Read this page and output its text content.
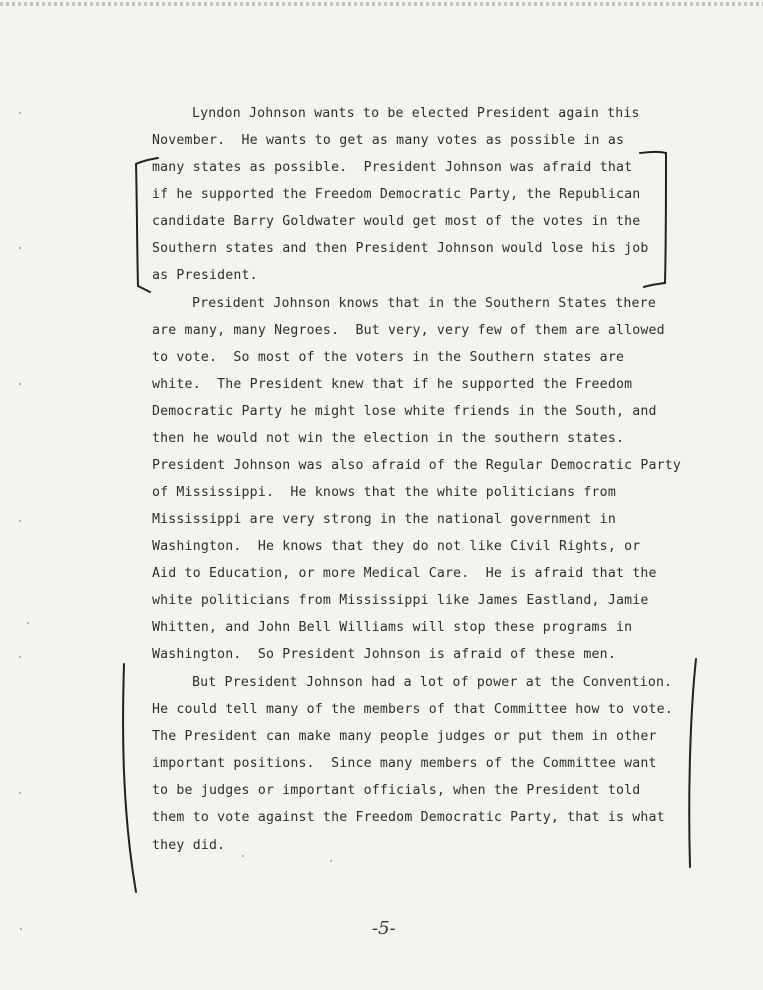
Lyndon Johnson wants to be elected President again this
November.  He wants to get as many votes as possible in as
many states as possible.  President Johnson was afraid that
if he supported the Freedom Democratic Party, the Republican
candidate Barry Goldwater would get most of the votes in the
Southern states and then President Johnson would lose his job
as President.
President Johnson knows that in the Southern States there
are many, many Negroes.  But very, very few of them are allowed
to vote.  So most of the voters in the Southern states are
white.  The President knew that if he supported the Freedom
Democratic Party he might lose white friends in the South, and
then he would not win the election in the southern states.
President Johnson was also afraid of the Regular Democratic Party
of Mississippi.  He knows that the white politicians from
Mississippi are very strong in the national government in
Washington.  He knows that they do not like Civil Rights, or
Aid to Education, or more Medical Care.  He is afraid that the
white politicians from Mississippi like James Eastland, Jamie
Whitten, and John Bell Williams will stop these programs in
Washington.  So President Johnson is afraid of these men.
But President Johnson had a lot of power at the Convention.
He could tell many of the members of that Committee how to vote.
The President can make many people judges or put them in other
important positions.  Since many members of the Committee want
to be judges or important officials, when the President told
them to vote against the Freedom Democratic Party, that is what
they did.
-5-
